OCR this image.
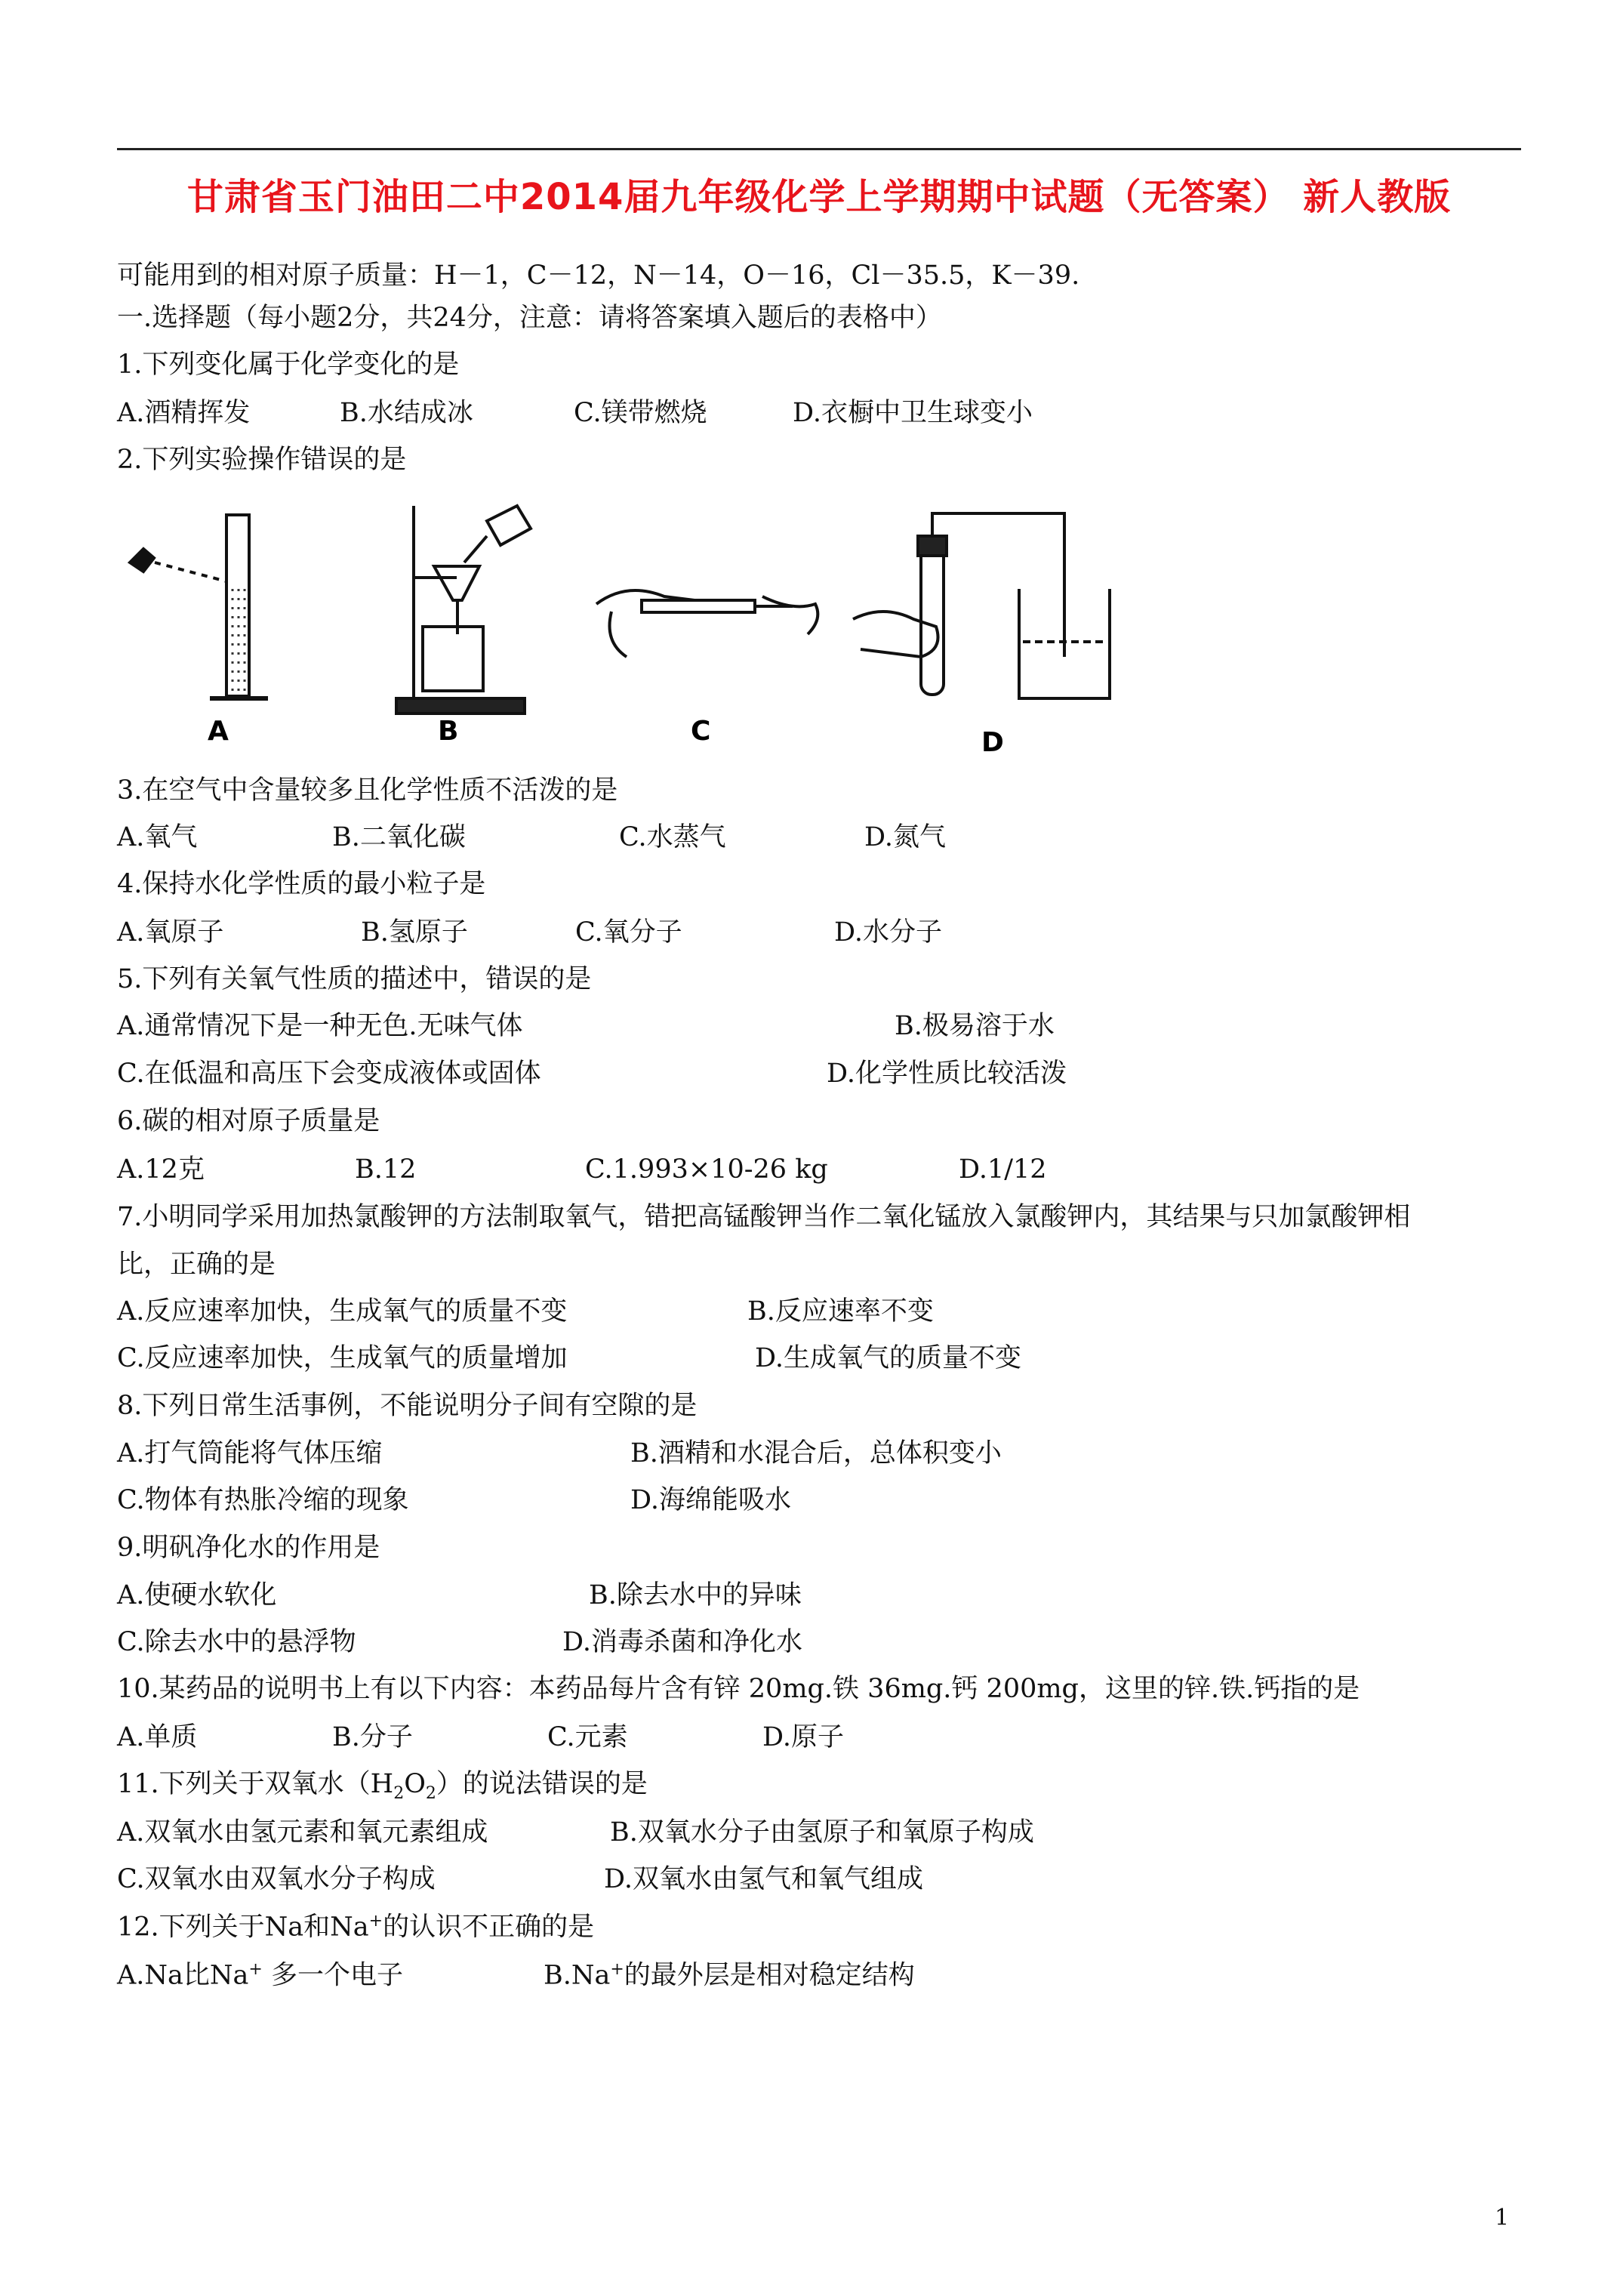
甘肃省玉门油田二中2014届九年级化学上学期期中试题（无答案） 新人教版
可能用到的相对原子质量：H－1，C－12，N－14，O－16，Cl－35.5，K－39.
一.选择题（每小题2分，共24分，注意：请将答案填入题后的表格中）
1.下列变化属于化学变化的是
A.酒精挥发	B.水结成冰	C.镁带燃烧	D.衣橱中卫生球变小
2.下列实验操作错误的是
A	B	C	D
3.在空气中含量较多且化学性质不活泼的是
A.氧气	B.二氧化碳	C.水蒸气	D.氮气
4.保持水化学性质的最小粒子是
A.氧原子	B.氢原子	C.氧分子	D.水分子
5.下列有关氧气性质的描述中，错误的是
A.通常情况下是一种无色.无味气体	B.极易溶于水
C.在低温和高压下会变成液体或固体	D.化学性质比较活泼
6.碳的相对原子质量是
A.12克	B.12	C.1.993×10-26 kg	D.1/12
7.小明同学采用加热氯酸钾的方法制取氧气，错把高锰酸钾当作二氧化锰放入氯酸钾内，其结果与只加氯酸钾相
比，正确的是
A.反应速率加快，生成氧气的质量不变	B.反应速率不变
C.反应速率加快，生成氧气的质量增加	D.生成氧气的质量不变
8.下列日常生活事例，不能说明分子间有空隙的是
A.打气筒能将气体压缩	B.酒精和水混合后，总体积变小
C.物体有热胀冷缩的现象	D.海绵能吸水
9.明矾净化水的作用是
A.使硬水软化	B.除去水中的异味
C.除去水中的悬浮物	D.消毒杀菌和净化水
10.某药品的说明书上有以下内容：本药品每片含有锌 20mg.铁 36mg.钙 200mg，这里的锌.铁.钙指的是
A.单质	B.分子	C.元素	D.原子
11.下列关于双氧水$(H_2O_2)$的说法错误的是
A.双氧水由氢元素和氧元素组成	B.双氧水分子由氢原子和氧原子构成
C.双氧水由双氧水分子构成	D.双氧水由氢气和氧气组成
12.下列关于Na和Na+的认识不正确的是
A.Na比Na+ 多一个电子	B.Na+的最外层是相对稳定结构
1
